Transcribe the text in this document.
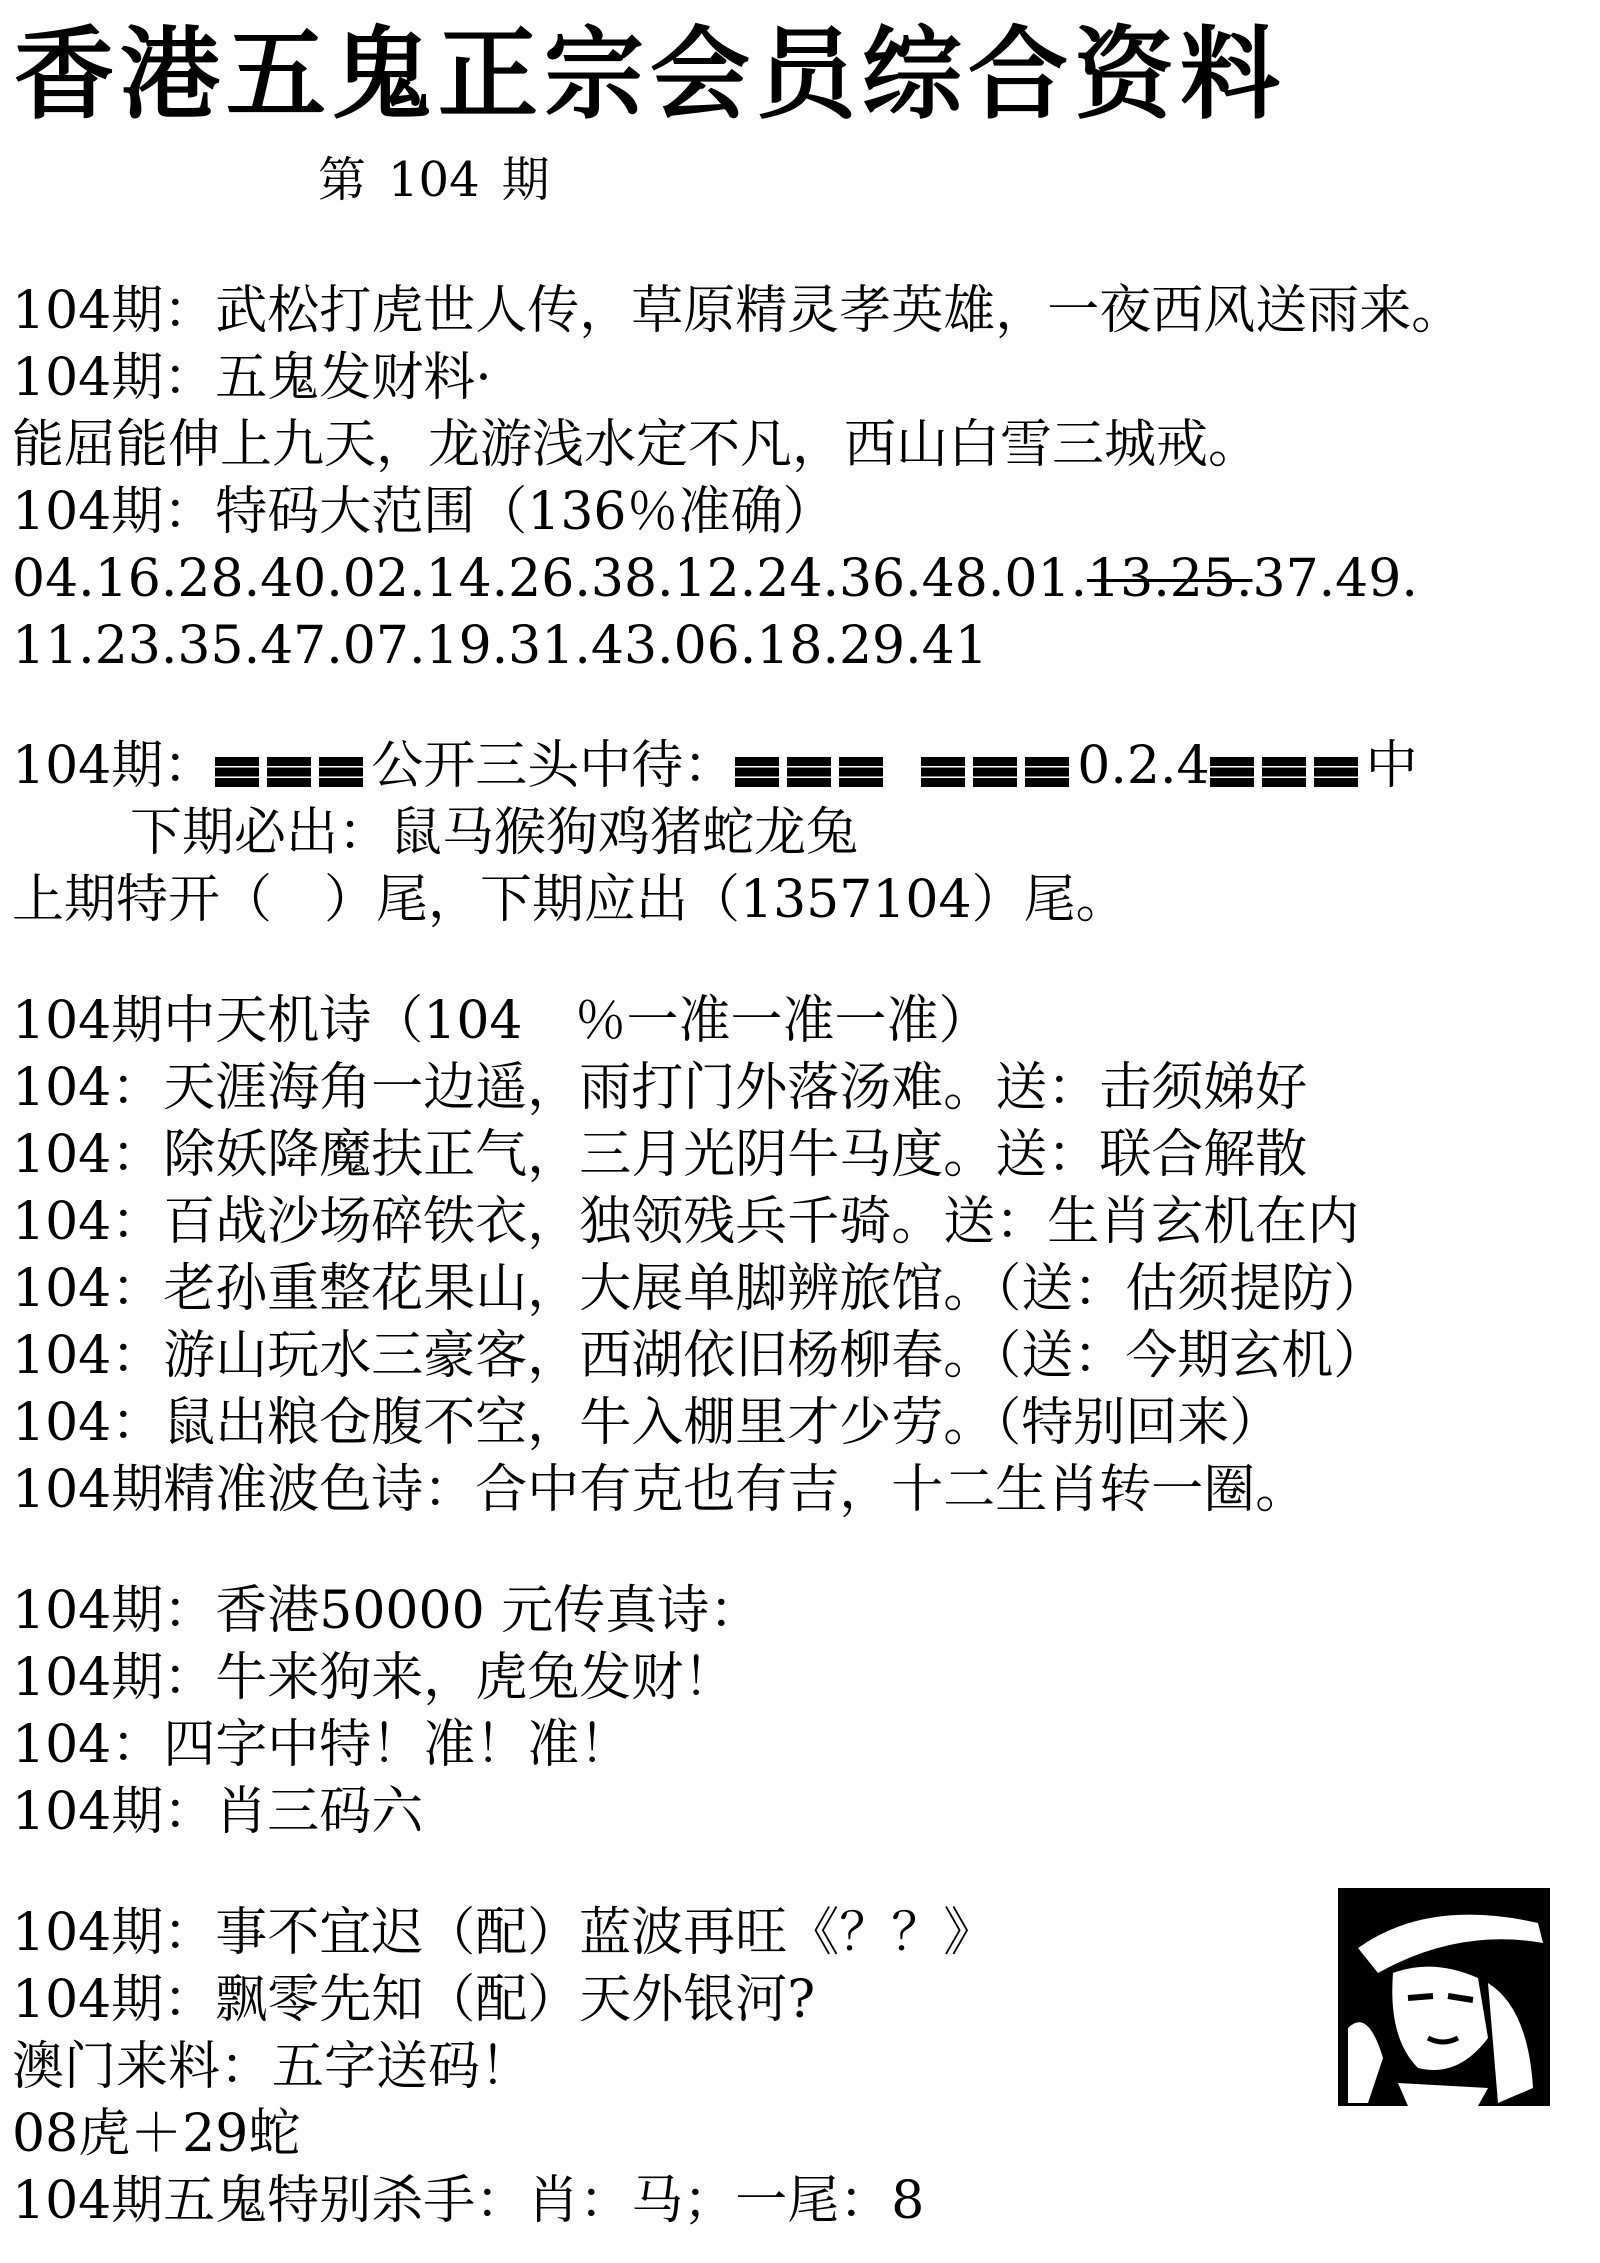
香港五鬼正宗会员综合资料
第 104 期
104期：武松打虎世人传，草原精灵孝英雄，一夜西风送雨来。
104期：五鬼发财料·
能屈能伸上九天，龙游浅水定不凡，西山白雪三城戒。
104期：特码大范围（136％准确）
04.16.28.40.02.14.26.38.12.24.36.48.01.13.25.37.49.
11.23.35.47.07.19.31.43.06.18.29.41
104期：	公开三头中待：	0.2.4	中
下期必出：鼠马猴狗鸡猪蛇龙兔
上期特开（　）尾，下期应出（1357104）尾。
104期中天机诗（104　％一准一准一准）
104：天涯海角一边遥，雨打门外落汤难。送：击须娣好
104：除妖降魔扶正气，三月光阴牛马度。送：联合解散
104：百战沙场碎铁衣，独领残兵千骑。送：生肖玄机在内
104：老孙重整花果山，大展单脚辨旅馆。（送：估须提防）
104：游山玩水三豪客，西湖依旧杨柳春。（送：今期玄机）
104：鼠出粮仓腹不空，牛入棚里才少劳。（特别回来）
104期精准波色诗：合中有克也有吉，十二生肖转一圈。
104期：香港50000 元传真诗：
104期：牛来狗来，虎兔发财！
104：四字中特！准！准！
104期：肖三码六
104期：事不宜迟（配）蓝波再旺《？？》
104期：飘零先知（配）天外银河?
澳门来料：五字送码！
08虎＋29蛇
104期五鬼特别杀手：肖：马；一尾：8
